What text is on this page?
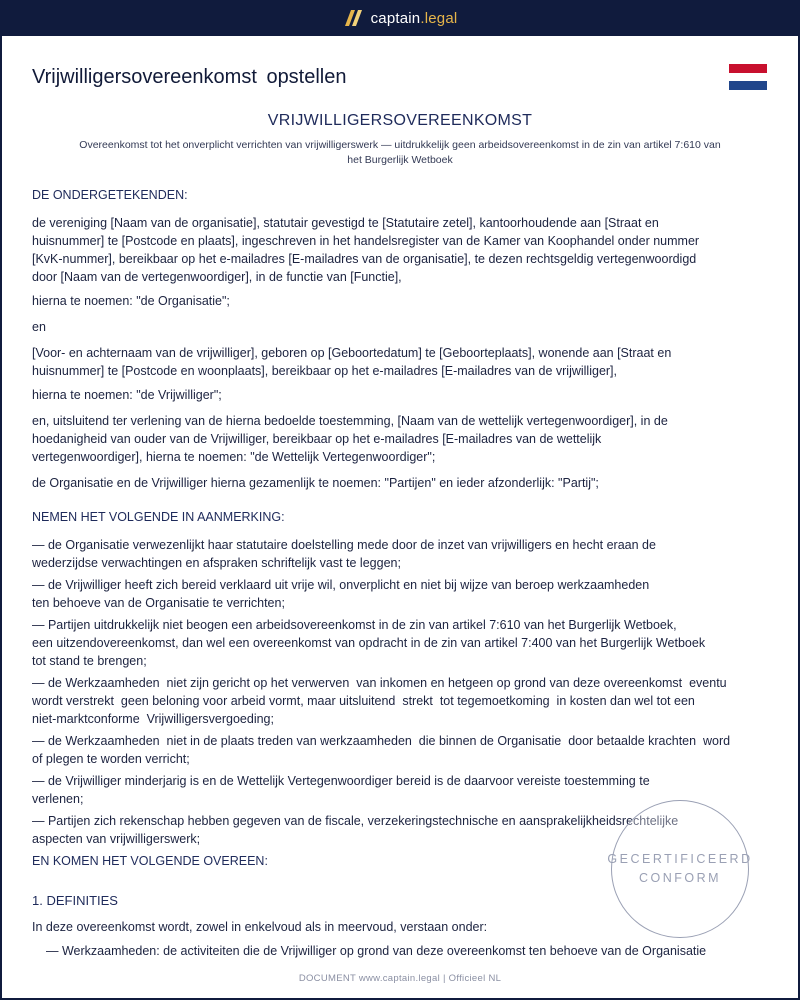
captain.legal
Vrijwilligersovereenkomst opstellen
VRIJWILLIGERSOVEREENKOMST
Overeenkomst tot het onverplicht verrichten van vrijwilligerswerk — uitdrukkelijk geen arbeidsovereenkomst in de zin van artikel 7:610 van
het Burgerlijk Wetboek
DE ONDERGETEKENDEN:
de vereniging [Naam van de organisatie], statutair gevestigd te [Statutaire zetel], kantoorhoudende aan [Straat en
huisnummer] te [Postcode en plaats], ingeschreven in het handelsregister van de Kamer van Koophandel onder nummer
[KvK-nummer], bereikbaar op het e-mailadres [E-mailadres van de organisatie], te dezen rechtsgeldig vertegenwoordigd
door [Naam van de vertegenwoordiger], in de functie van [Functie],
hierna te noemen: "de Organisatie";
en
[Voor- en achternaam van de vrijwilliger], geboren op [Geboortedatum] te [Geboorteplaats], wonende aan [Straat en
huisnummer] te [Postcode en woonplaats], bereikbaar op het e-mailadres [E-mailadres van de vrijwilliger],
hierna te noemen: "de Vrijwilliger";
en, uitsluitend ter verlening van de hierna bedoelde toestemming, [Naam van de wettelijk vertegenwoordiger], in de
hoedanigheid van ouder van de Vrijwilliger, bereikbaar op het e-mailadres [E-mailadres van de wettelijk
vertegenwoordiger], hierna te noemen: "de Wettelijk Vertegenwoordiger";
de Organisatie en de Vrijwilliger hierna gezamenlijk te noemen: "Partijen" en ieder afzonderlijk: "Partij";
NEMEN HET VOLGENDE IN AANMERKING:
— de Organisatie verwezenlijkt haar statutaire doelstelling mede door de inzet van vrijwilligers en hecht eraan de
wederzijdse verwachtingen en afspraken schriftelijk vast te leggen;
— de Vrijwilliger heeft zich bereid verklaard uit vrije wil, onverplicht en niet bij wijze van beroep werkzaamheden
ten behoeve van de Organisatie te verrichten;
— Partijen uitdrukkelijk niet beogen een arbeidsovereenkomst in de zin van artikel 7:610 van het Burgerlijk Wetboek,
een uitzendovereenkomst, dan wel een overeenkomst van opdracht in de zin van artikel 7:400 van het Burgerlijk Wetboek
tot stand te brengen;
— de Werkzaamheden  niet zijn gericht op het verwerven  van inkomen en hetgeen op grond van deze overeenkomst  eventu
wordt verstrekt  geen beloning voor arbeid vormt, maar uitsluitend  strekt  tot tegemoetkoming  in kosten dan wel tot een
niet-marktconforme  Vrijwilligersvergoeding;
— de Werkzaamheden  niet in de plaats treden van werkzaamheden  die binnen de Organisatie  door betaalde krachten  word
of plegen te worden verricht;
— de Vrijwilliger minderjarig is en de Wettelijk Vertegenwoordiger bereid is de daarvoor vereiste toestemming te
verlenen;
— Partijen zich rekenschap hebben gegeven van de fiscale, verzekeringstechnische en aansprakelijkheidsrechtelijke
aspecten van vrijwilligerswerk;
EN KOMEN HET VOLGENDE OVEREEN:
1. DEFINITIES
In deze overeenkomst wordt, zowel in enkelvoud als in meervoud, verstaan onder:
— Werkzaamheden: de activiteiten die de Vrijwilliger op grond van deze overeenkomst ten behoeve van de Organisatie
GECERTIFICEERD
CONFORM
DOCUMENT www.captain.legal | Officieel NL
